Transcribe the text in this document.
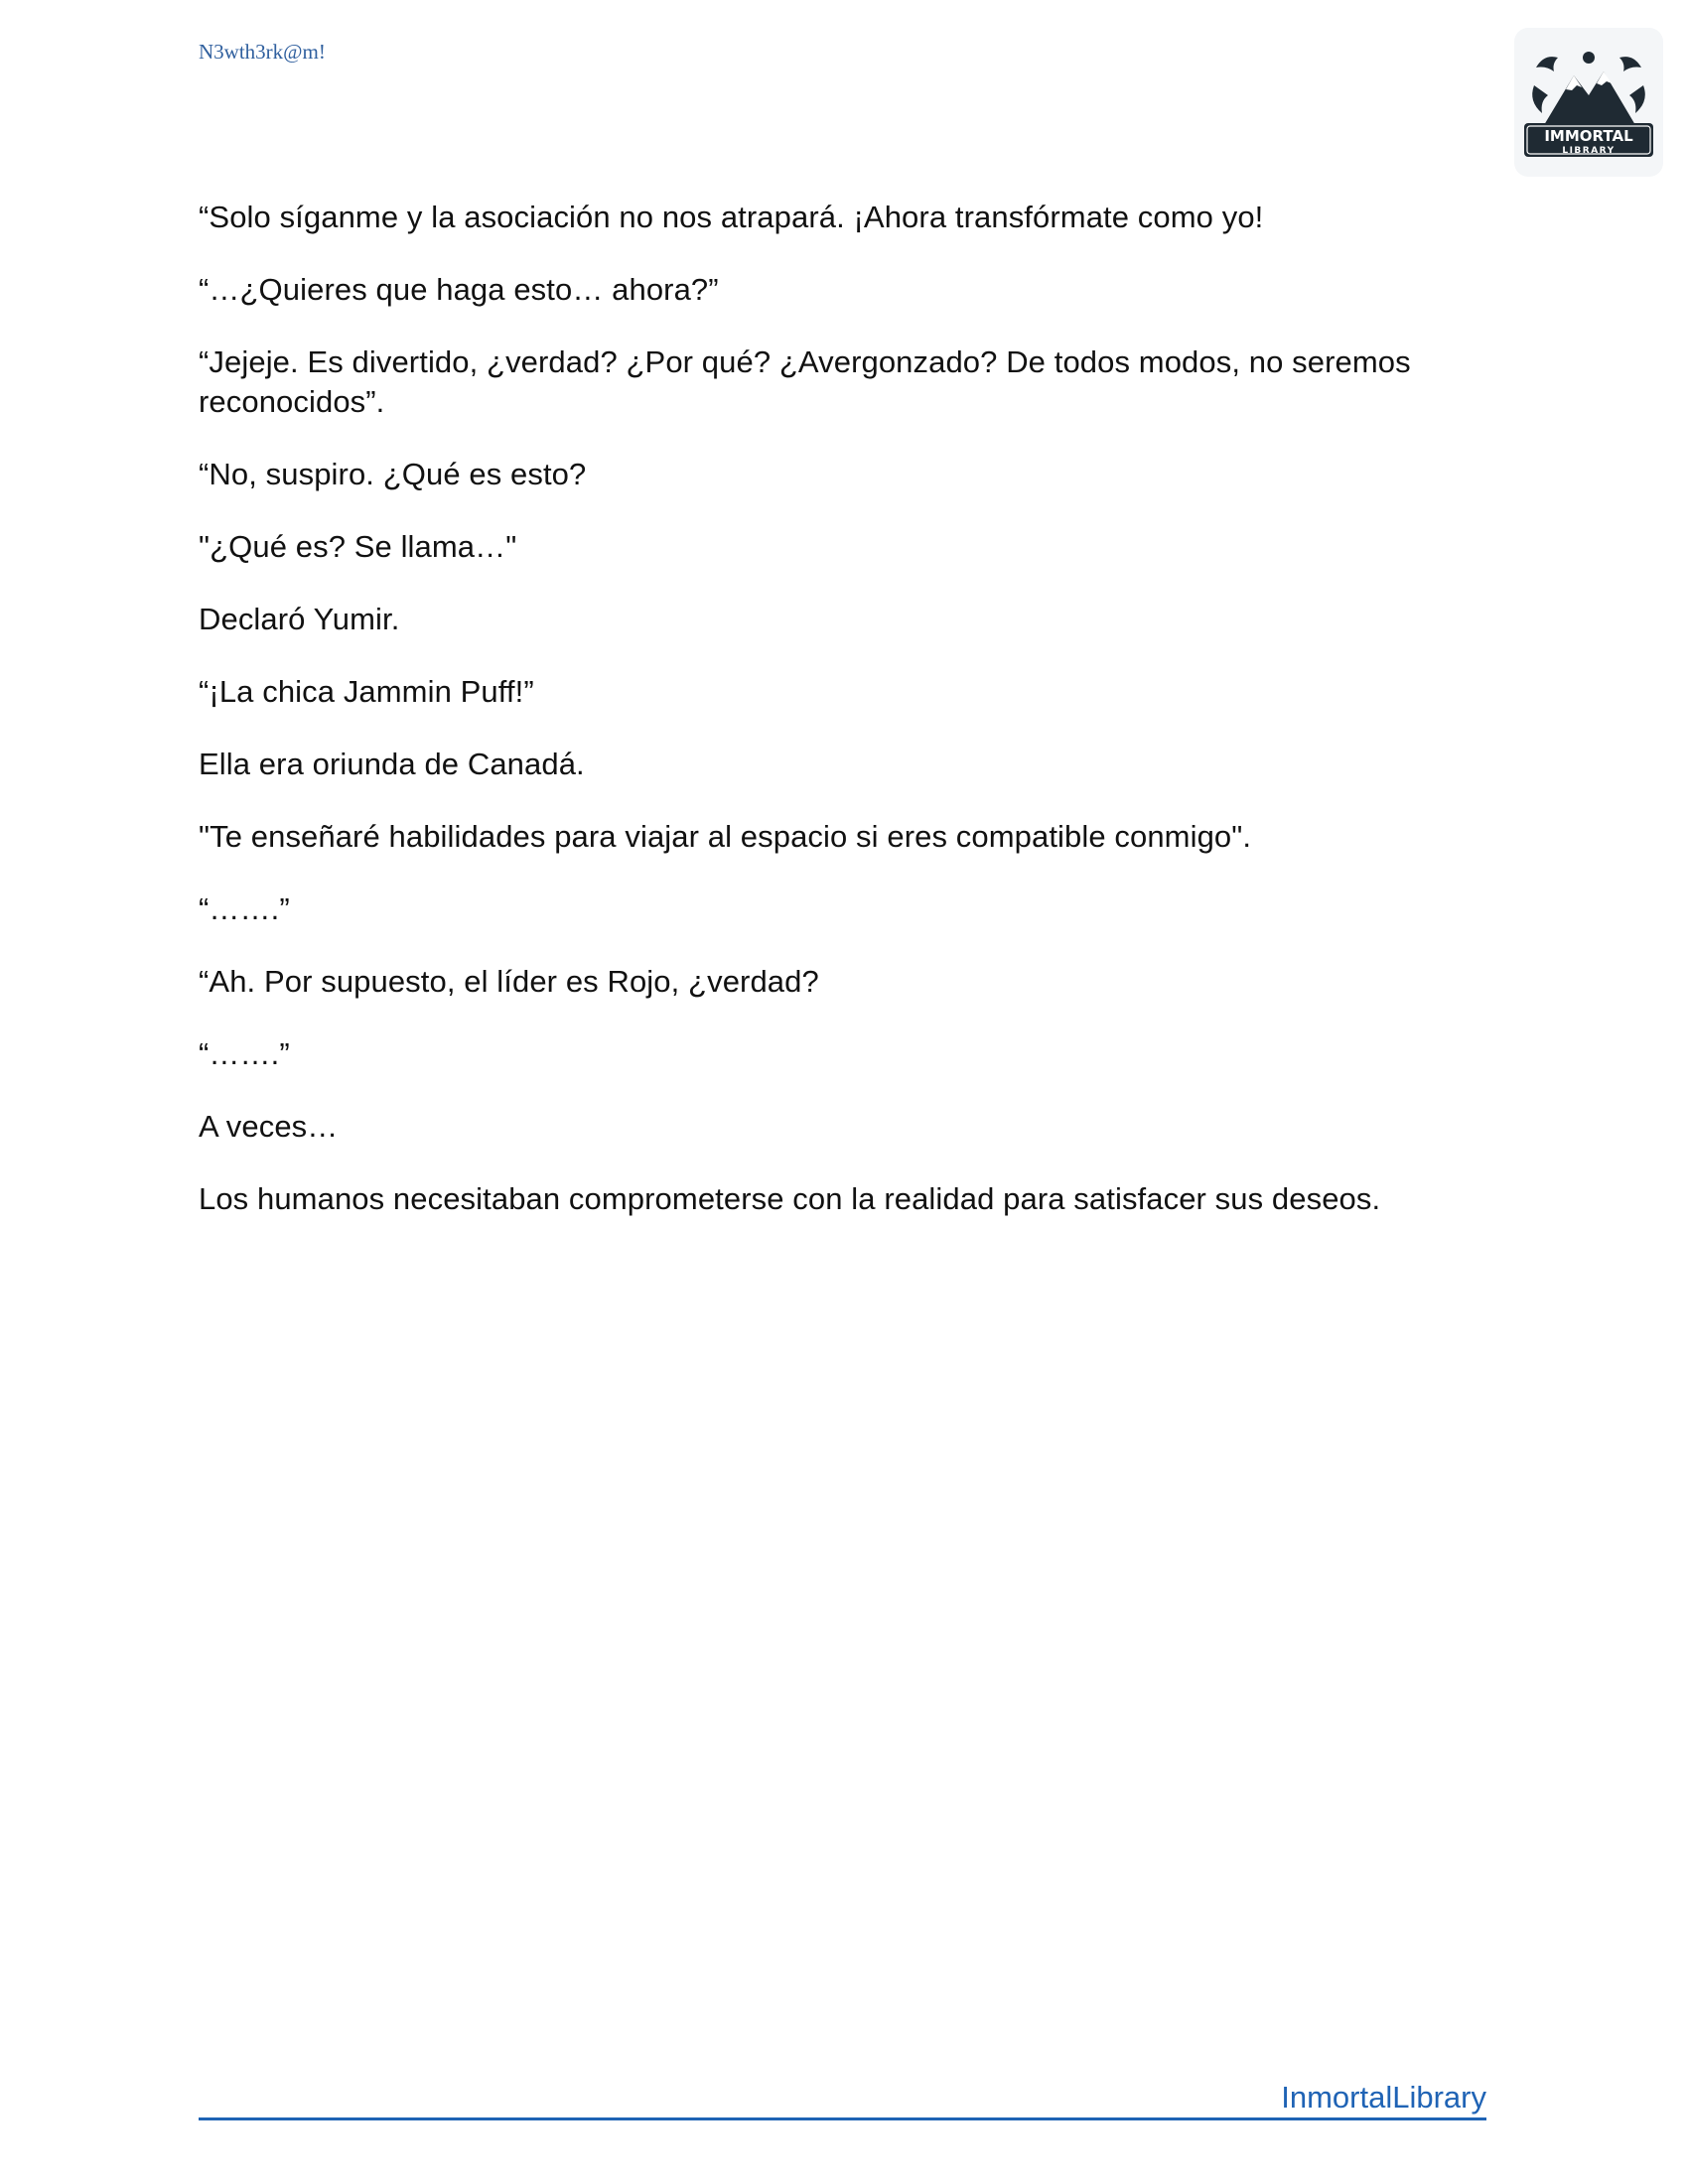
N3wth3rk@m!
IMMORTAL
LIBRARY

“Solo síganme y la asociación no nos atrapará. ¡Ahora transfórmate como yo!

“…¿Quieres que haga esto… ahora?”

“Jejeje. Es divertido, ¿verdad? ¿Por qué? ¿Avergonzado? De todos modos, no seremos reconocidos”.

“No, suspiro. ¿Qué es esto?

"¿Qué es? Se llama…"

Declaró Yumir.

“¡La chica Jammin Puff!”

Ella era oriunda de Canadá.

"Te enseñaré habilidades para viajar al espacio si eres compatible conmigo".

“…….”

“Ah. Por supuesto, el líder es Rojo, ¿verdad?

“…….”

A veces…

Los humanos necesitaban comprometerse con la realidad para satisfacer sus deseos.

InmortalLibrary
